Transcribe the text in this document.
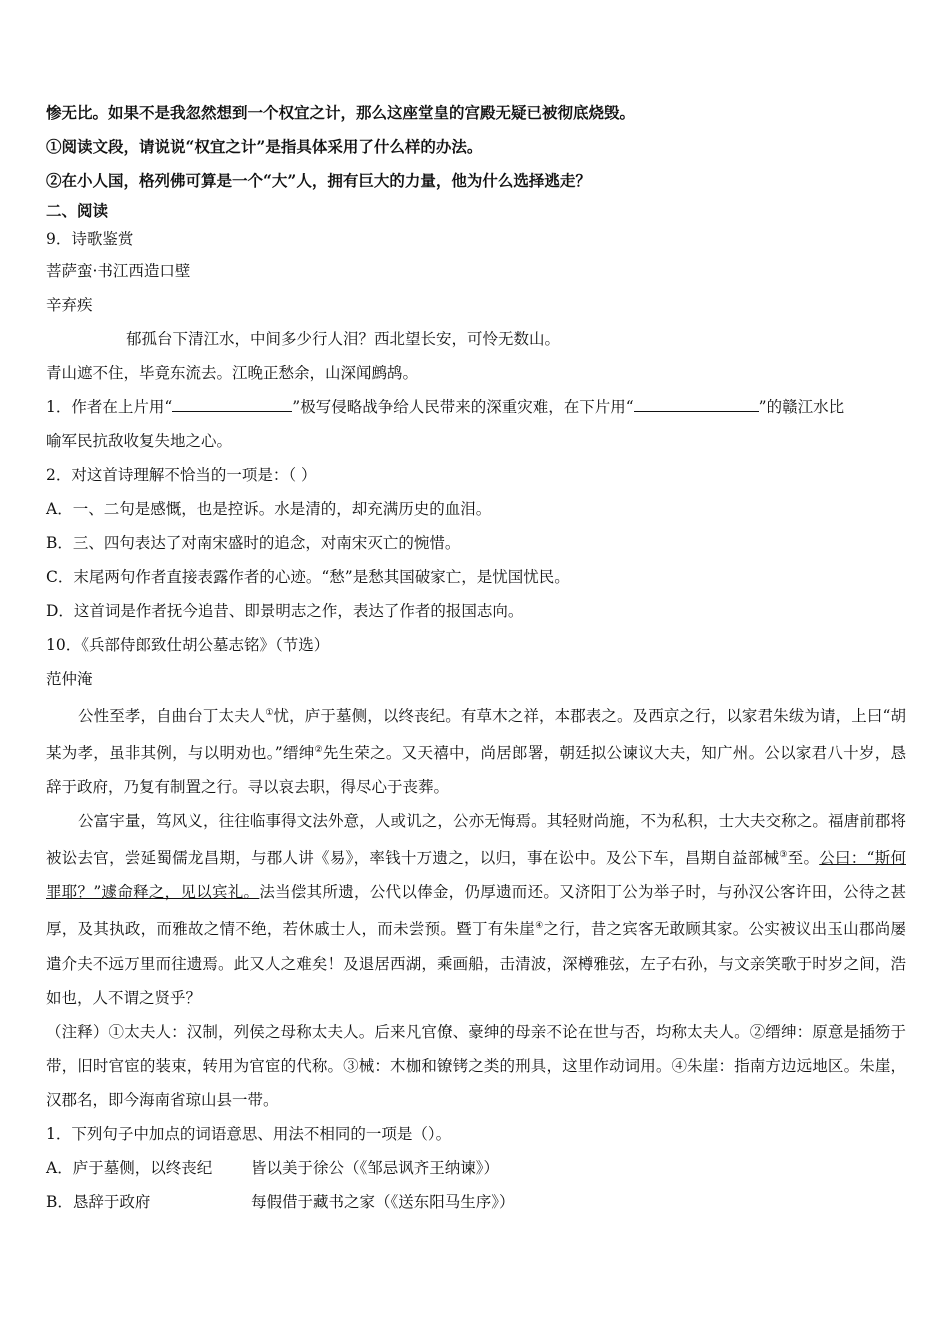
惨无比。如果不是我忽然想到一个权宜之计，那么这座堂皇的宫殿无疑已被彻底烧毁。
①阅读文段，请说说“权宜之计”是指具体采用了什么样的办法。
②在小人国，格列佛可算是一个“大”人，拥有巨大的力量，他为什么选择逃走？
二、阅读
9．诗歌鉴赏
菩萨蛮·书江西造口壁
辛弃疾
郁孤台下清江水，中间多少行人泪？西北望长安，可怜无数山。
青山遮不住，毕竟东流去。江晚正愁余，山深闻鹧鸪。
1．作者在上片用“	”极写侵略战争给人民带来的深重灾难，在下片用“	”的赣江水比
喻军民抗敌收复失地之心。
2．对这首诗理解不恰当的一项是：（ ）
A．一、二句是感慨，也是控诉。水是清的，却充满历史的血泪。
B．三、四句表达了对南宋盛时的追念，对南宋灭亡的惋惜。
C．末尾两句作者直接表露作者的心迹。“愁”是愁其国破家亡，是忧国忧民。
D．这首词是作者抚今追昔、即景明志之作，表达了作者的报国志向。
10．《兵部侍郎致仕胡公墓志铭》（节选）
范仲淹
公性至孝，自曲台丁太夫人①忧，庐于墓侧，以终丧纪。有草木之祥，本郡表之。及西京之行，以家君朱绂为请，上曰“胡某为孝，虽非其例，与以明劝也。”缙绅②先生荣之。又天禧中，尚居郎署，朝廷拟公谏议大夫，知广州。公以家君八十岁，恳辞于政府，乃复有制置之行。寻以哀去职，得尽心于丧葬。
公富宇量，笃风义，往往临事得文法外意，人或讥之，公亦无悔焉。其轻财尚施，不为私积，士大夫交称之。福唐前郡将被讼去官，尝延蜀儒龙昌期，与郡人讲《易》，率钱十万遗之，以归，事在讼中。及公下车，昌期自益部械③至。公曰：“斯何罪耶？”遽命释之，见以宾礼。法当偿其所遗，公代以俸金，仍厚遗而还。又济阳丁公为举子时，与孙汉公客许田，公待之甚厚，及其执政，而雅故之情不绝，若休戚士人，而未尝预。暨丁有朱崖④之行，昔之宾客无敢顾其家。公实被议出玉山郡尚屡遣介夫不远万里而往遗焉。此又人之难矣！及退居西湖，乘画船，击清波，深樽雅弦，左子右孙，与文亲笑歌于时岁之间，浩如也，人不谓之贤乎？
（注释）①太夫人：汉制，列侯之母称太夫人。后来凡官僚、豪绅的母亲不论在世与否，均称太夫人。②缙绅：原意是插笏于带，旧时官宦的装束，转用为官宦的代称。③械：木枷和镣铐之类的刑具，这里作动词用。④朱崖：指南方边远地区。朱崖，汉郡名，即今海南省琼山县一带。
1．下列句子中加点的词语意思、用法不相同的一项是（）。
A．庐于墓侧，以终丧纪	皆以美于徐公（《邹忌讽齐王纳谏》）
B．恳辞于政府	每假借于藏书之家（《送东阳马生序》）
